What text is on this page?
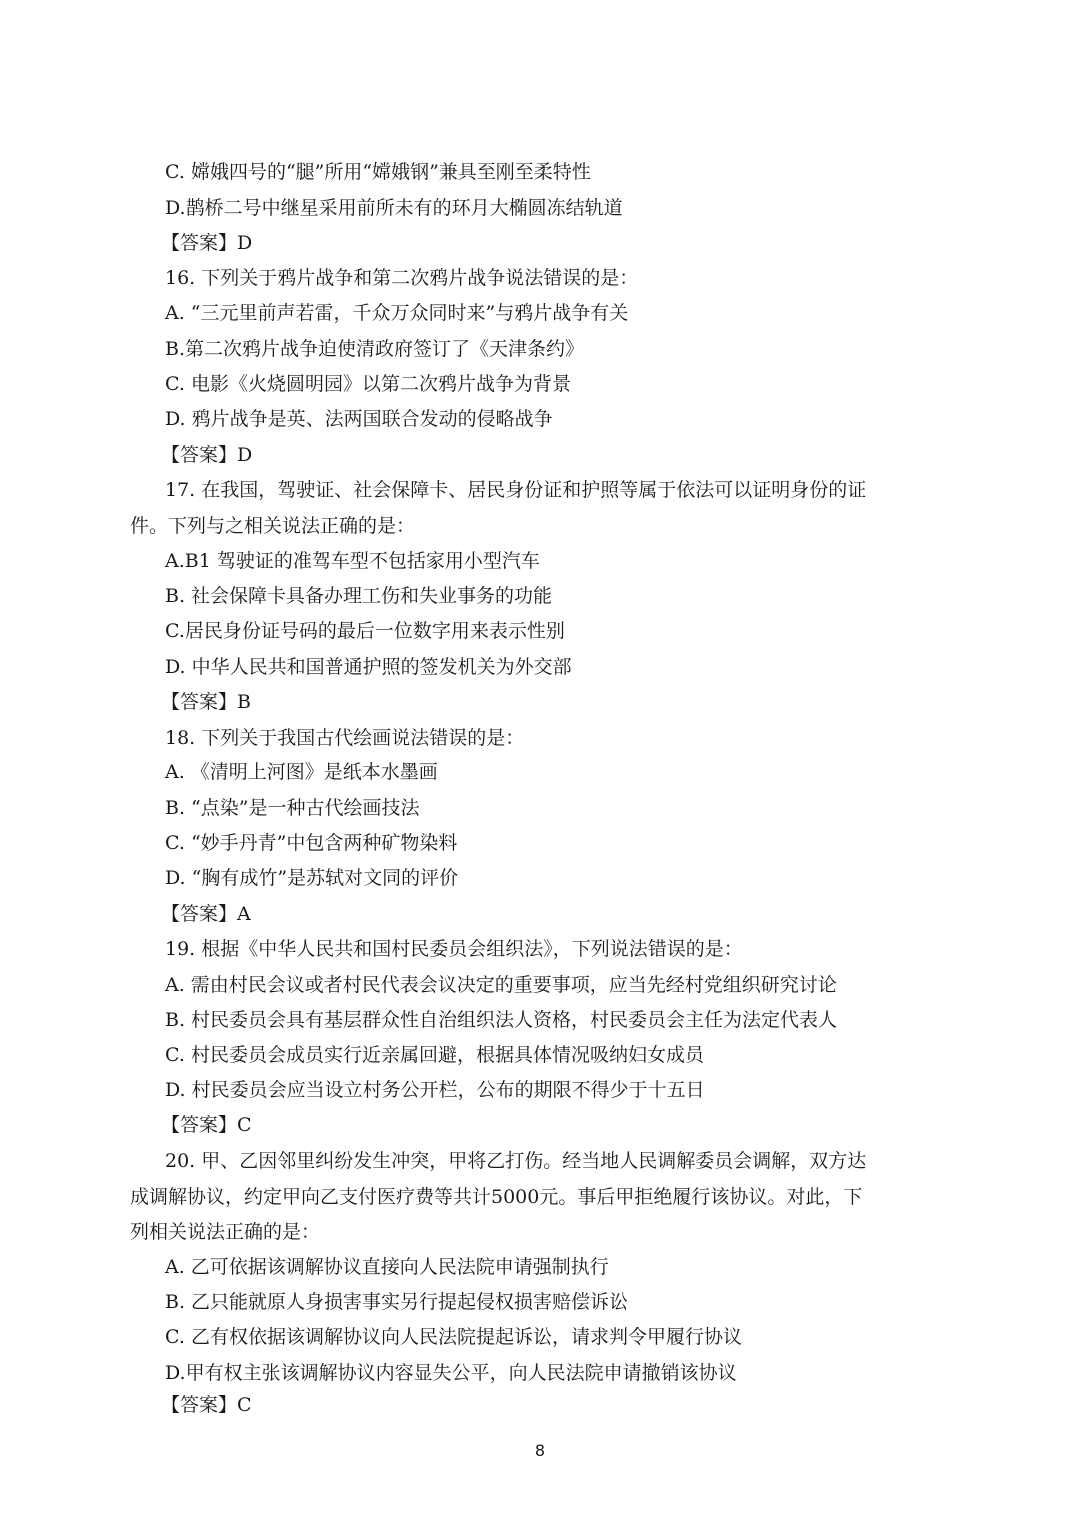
C. 嫦娥四号的“腿”所用“嫦娥钢”兼具至刚至柔特性
D.鹊桥二号中继星采用前所未有的环月大椭圆冻结轨道
【答案】D
16. 下列关于鸦片战争和第二次鸦片战争说法错误的是：
A. “三元里前声若雷，千众万众同时来”与鸦片战争有关
B.第二次鸦片战争迫使清政府签订了《天津条约》
C. 电影《火烧圆明园》以第二次鸦片战争为背景
D. 鸦片战争是英、法两国联合发动的侵略战争
【答案】D
17. 在我国，驾驶证、社会保障卡、居民身份证和护照等属于依法可以证明身份的证
件。下列与之相关说法正确的是：
A.B1 驾驶证的准驾车型不包括家用小型汽车
B. 社会保障卡具备办理工伤和失业事务的功能
C.居民身份证号码的最后一位数字用来表示性别
D. 中华人民共和国普通护照的签发机关为外交部
【答案】B
18. 下列关于我国古代绘画说法错误的是：
A. 《清明上河图》是纸本水墨画
B. “点染”是一种古代绘画技法
C. “妙手丹青”中包含两种矿物染料
D. “胸有成竹”是苏轼对文同的评价
【答案】A
19. 根据《中华人民共和国村民委员会组织法》，下列说法错误的是：
A. 需由村民会议或者村民代表会议决定的重要事项，应当先经村党组织研究讨论
B. 村民委员会具有基层群众性自治组织法人资格，村民委员会主任为法定代表人
C. 村民委员会成员实行近亲属回避，根据具体情况吸纳妇女成员
D. 村民委员会应当设立村务公开栏，公布的期限不得少于十五日
【答案】C
20. 甲、乙因邻里纠纷发生冲突，甲将乙打伤。经当地人民调解委员会调解，双方达
成调解协议，约定甲向乙支付医疗费等共计5000元。事后甲拒绝履行该协议。对此，下
列相关说法正确的是：
A. 乙可依据该调解协议直接向人民法院申请强制执行
B. 乙只能就原人身损害事实另行提起侵权损害赔偿诉讼
C. 乙有权依据该调解协议向人民法院提起诉讼，请求判令甲履行协议
D.甲有权主张该调解协议内容显失公平，向人民法院申请撤销该协议
【答案】C
8
